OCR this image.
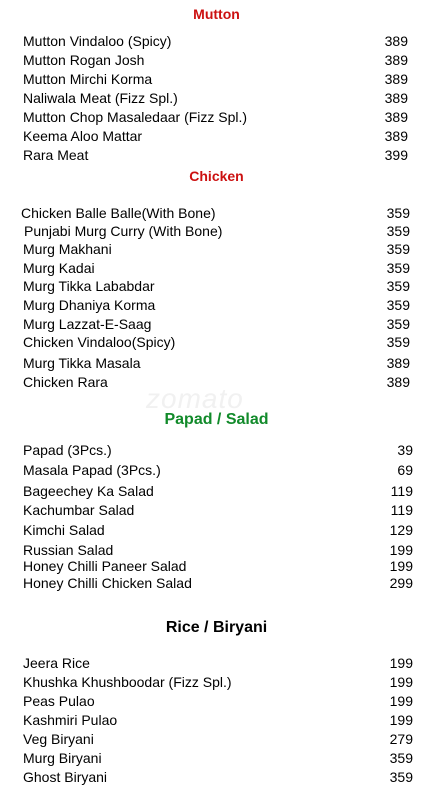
zomato
Mutton
Mutton Vindaloo (Spicy)	389
Mutton Rogan Josh	389
Mutton Mirchi Korma	389
Naliwala Meat (Fizz Spl.)	389
Mutton Chop Masaledaar (Fizz Spl.)	389
Keema Aloo Mattar	389
Rara Meat	399
Chicken
Chicken Balle Balle(With Bone)	359
Punjabi Murg Curry (With Bone)	359
Murg Makhani	359
Murg Kadai	359
Murg Tikka Lababdar	359
Murg Dhaniya Korma	359
Murg Lazzat-E-Saag	359
Chicken Vindaloo(Spicy)	359
Murg Tikka Masala	389
Chicken Rara	389
Papad / Salad
Papad (3Pcs.)	39
Masala Papad (3Pcs.)	69
Bageechey Ka Salad	119
Kachumbar Salad	119
Kimchi Salad	129
Russian Salad	199
Honey Chilli Paneer Salad	199
Honey Chilli Chicken Salad	299
Rice / Biryani
Jeera Rice	199
Khushka Khushboodar (Fizz Spl.)	199
Peas Pulao	199
Kashmiri Pulao	199
Veg Biryani	279
Murg Biryani	359
Ghost Biryani	359
